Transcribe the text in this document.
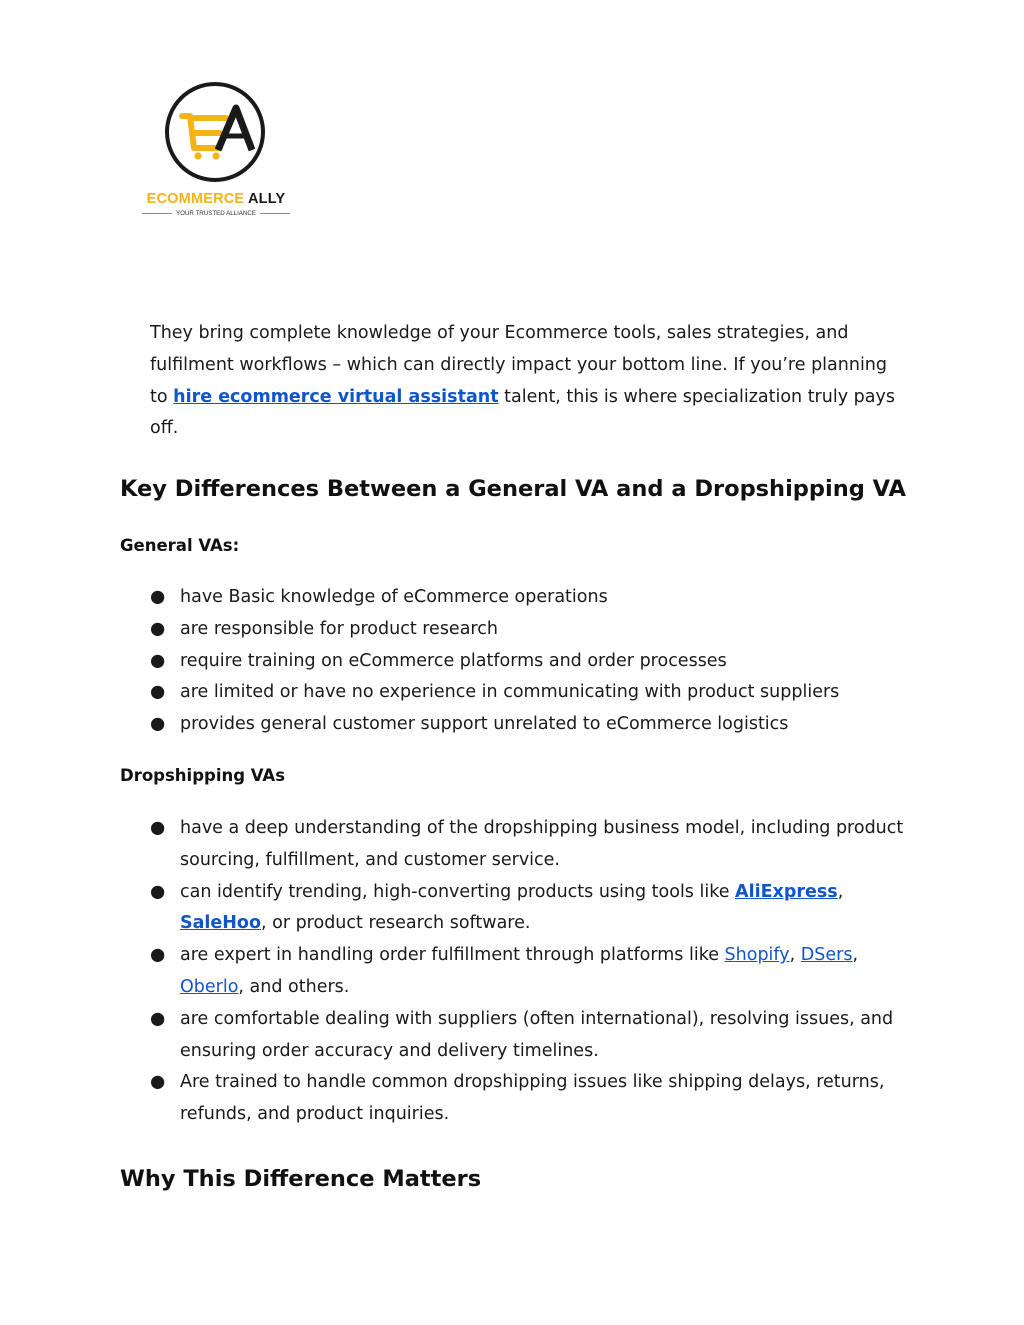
ECOMMERCE ALLY
YOUR TRUSTED ALLIANCE

They bring complete knowledge of your Ecommerce tools, sales strategies, and fulfilment workflows – which can directly impact your bottom line. If you’re planning to hire ecommerce virtual assistant talent, this is where specialization truly pays off.

Key Differences Between a General VA and a Dropshipping VA
General VAs:
● have Basic knowledge of eCommerce operations
● are responsible for product research
● require training on eCommerce platforms and order processes
● are limited or have no experience in communicating with product suppliers
● provides general customer support unrelated to eCommerce logistics
Dropshipping VAs
● have a deep understanding of the dropshipping business model, including product sourcing, fulfillment, and customer service.
● can identify trending, high-converting products using tools like AliExpress, SaleHoo, or product research software.
● are expert in handling order fulfillment through platforms like Shopify, DSers, Oberlo, and others.
● are comfortable dealing with suppliers (often international), resolving issues, and ensuring order accuracy and delivery timelines.
● Are trained to handle common dropshipping issues like shipping delays, returns, refunds, and product inquiries.
Why This Difference Matters
